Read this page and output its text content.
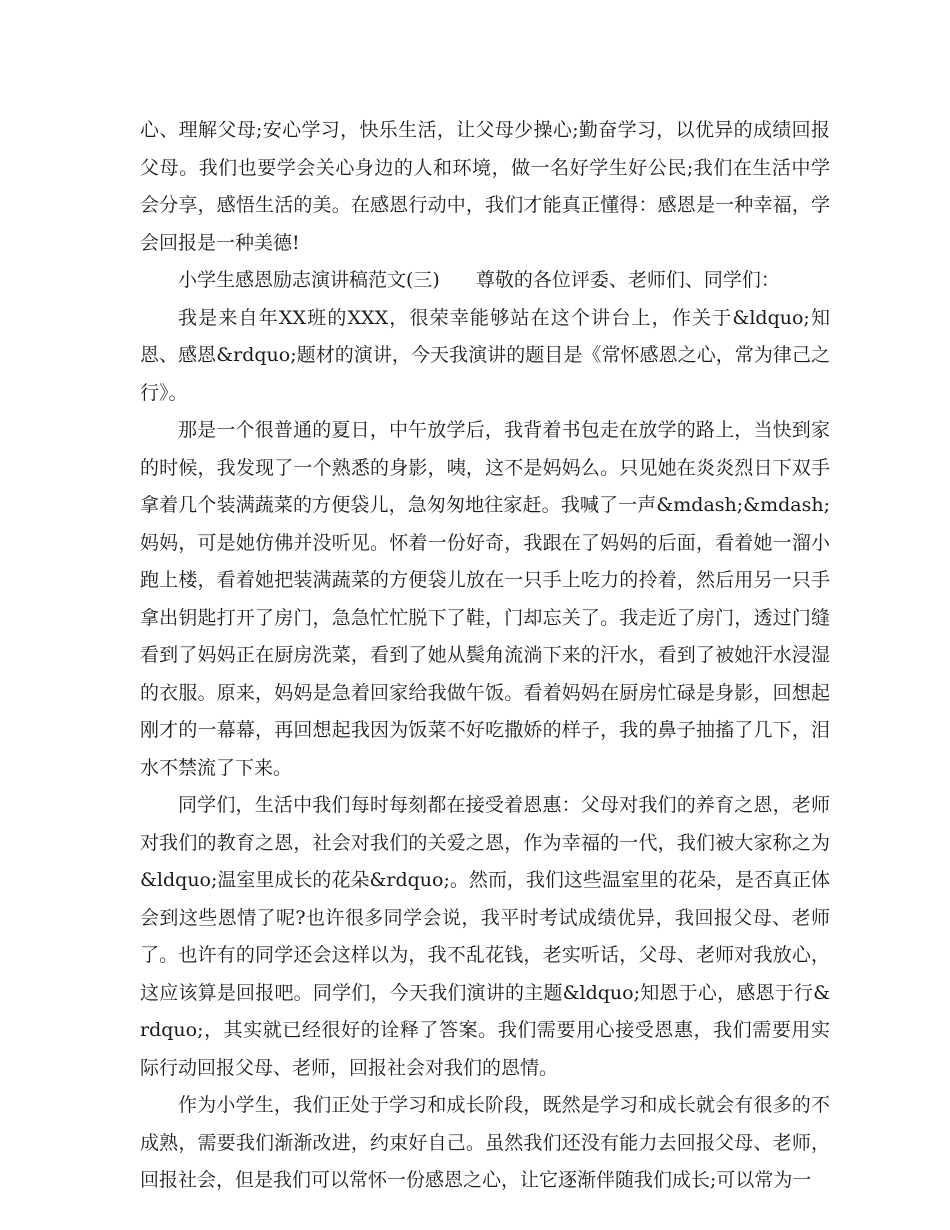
心、理解父母;安心学习，快乐生活，让父母少操心;勤奋学习，以优异的成绩回报父母。我们也要学会关心身边的人和环境，做一名好学生好公民;我们在生活中学会分享，感悟生活的美。在感恩行动中，我们才能真正懂得：感恩是一种幸福，学会回报是一种美德!

小学生感恩励志演讲稿范文(三) 尊敬的各位评委、老师们、同学们：

我是来自年XX班的XXX，很荣幸能够站在这个讲台上，作关于&ldquo;知恩、感恩&rdquo;题材的演讲，今天我演讲的题目是《常怀感恩之心，常为律己之行》。

那是一个很普通的夏日，中午放学后，我背着书包走在放学的路上，当快到家的时候，我发现了一个熟悉的身影，咦，这不是妈妈么。只见她在炎炎烈日下双手拿着几个装满蔬菜的方便袋儿，急匆匆地往家赶。我喊了一声&mdash;&mdash;妈妈，可是她仿佛并没听见。怀着一份好奇，我跟在了妈妈的后面，看着她一溜小跑上楼，看着她把装满蔬菜的方便袋儿放在一只手上吃力的拎着，然后用另一只手拿出钥匙打开了房门，急急忙忙脱下了鞋，门却忘关了。我走近了房门，透过门缝看到了妈妈正在厨房洗菜，看到了她从鬓角流淌下来的汗水，看到了被她汗水浸湿的衣服。原来，妈妈是急着回家给我做午饭。看着妈妈在厨房忙碌是身影，回想起刚才的一幕幕，再回想起我因为饭菜不好吃撒娇的样子，我的鼻子抽搐了几下，泪水不禁流了下来。

同学们，生活中我们每时每刻都在接受着恩惠：父母对我们的养育之恩，老师对我们的教育之恩，社会对我们的关爱之恩，作为幸福的一代，我们被大家称之为&ldquo;温室里成长的花朵&rdquo;。然而，我们这些温室里的花朵，是否真正体会到这些恩情了呢?也许很多同学会说，我平时考试成绩优异，我回报父母、老师了。也许有的同学还会这样以为，我不乱花钱，老实听话，父母、老师对我放心，这应该算是回报吧。同学们，今天我们演讲的主题&ldquo;知恩于心，感恩于行&rdquo;，其实就已经很好的诠释了答案。我们需要用心接受恩惠，我们需要用实际行动回报父母、老师，回报社会对我们的恩情。

作为小学生，我们正处于学习和成长阶段，既然是学习和成长就会有很多的不成熟，需要我们渐渐改进，约束好自己。虽然我们还没有能力去回报父母、老师，回报社会，但是我们可以常怀一份感恩之心，让它逐渐伴随我们成长;可以常为一
